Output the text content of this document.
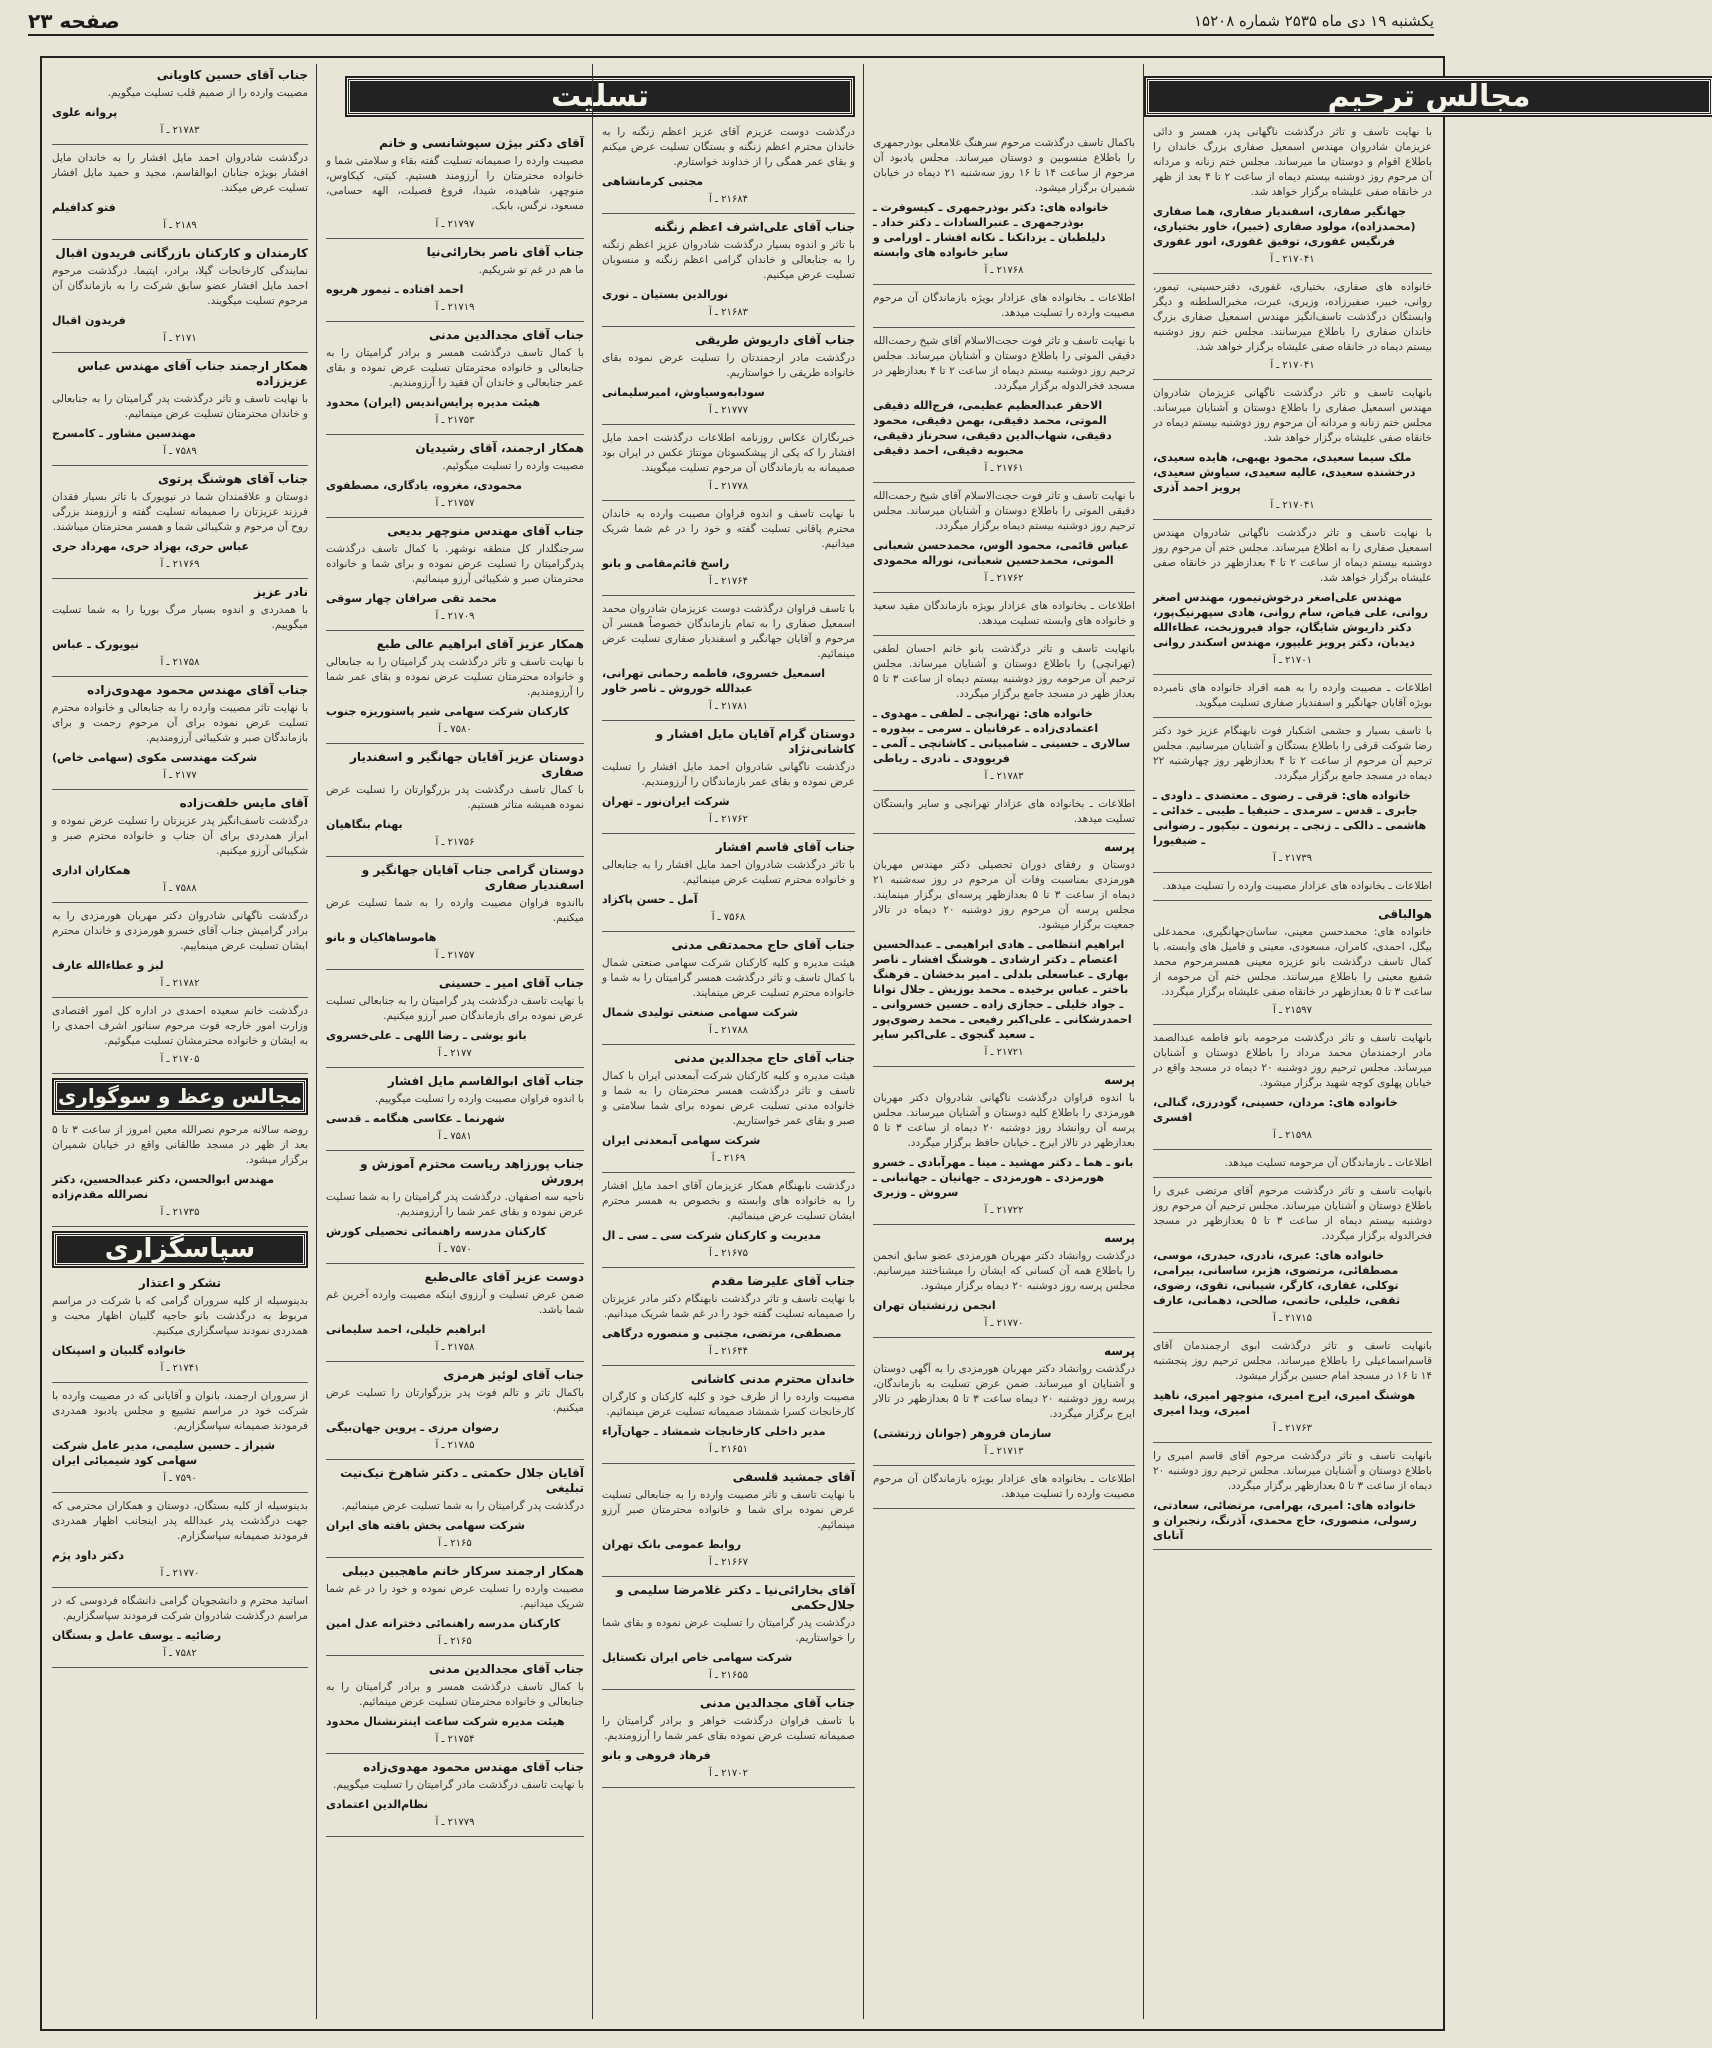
یکشنبه ۱۹ دی ماه ۲۵۳۵ شماره ۱۵۲۰۸
صفحه ۲۳
مجالس ترحیم
با نهایت تاسف و تاثر درگذشت ناگهانی پدر، همسر و دائی عزیزمان شادروان مهندس اسمعیل صفاری بزرگ خاندان را باطلاع اقوام و دوستان ما میرساند. مجلس ختم زنانه و مردانه آن مرحوم روز دوشنبه بیستم دیماه از ساعت ۲ تا ۴ بعد از ظهر در خانقاه صفی علیشاه برگزار خواهد شد.
جهانگیر صفاری، اسفندیار صفاری، هما صفاری (محمدزاده)، مولود صفاری (خبیر)، خاور بختیاری، فرنگیس غفوری، توفیق غفوری، انور غفوری
۲۱۷۰۴۱ ـ آ
خانواده های صفاری، بختیاری، غفوری، دفترحسینی، تیمور، روانی، خبیر، صفیرزاده، وزیری، عبرت، مخبرالسلطنه و دیگر وابستگان درگذشت تاسف‌انگیز مهندس اسمعیل صفاری بزرگ خاندان صفاری را باطلاع میرسانند. مجلس ختم روز دوشنبه بیستم دیماه در خانقاه صفی علیشاه برگزار خواهد شد.
۲۱۷۰۴۱ ـ آ
بانهایت تاسف و تاثر درگذشت ناگهانی عزیزمان شادروان مهندس اسمعیل صفاری را باطلاع دوستان و آشنایان میرساند. مجلس ختم زنانه و مردانه آن مرحوم روز دوشنبه بیستم دیماه در خانقاه صفی علیشاه برگزار خواهد شد.
ملک سیما سعیدی، محمود بهبهی، هایده سعیدی، درخشنده سعیدی، عالیه سعیدی، سیاوش سعیدی، پرویز احمد آذری
۲۱۷۰۴۱ ـ آ
با نهایت تاسف و تاثر درگذشت ناگهانی شادروان مهندس اسمعیل صفاری را به اطلاع میرساند. مجلس ختم آن مرحوم روز دوشنبه بیستم دیماه از ساعت ۲ تا ۴ بعدازظهر در خانقاه صفی علیشاه برگزار خواهد شد.
مهندس علی‌اصغر درخوش‌تیمور، مهندس اصغر روانی، علی فیاض، سام روانی، هادی سپهرنیک‌پور، دکتر داریوش شایگان، جواد فیروزبخت، عطاءالله دیدبان، دکتر پرویز علیپور، مهندس اسکندر روانی
۲۱۷۰۱ ـ آ
اطلاعات ـ مصیبت وارده را به همه افراد خانواده های نامبرده بویژه آقایان جهانگیر و اسفندیار صفاری تسلیت میگوید.
با تاسف بسیار و جشمی اشکبار فوت نابهنگام عزیز خود دکتر رضا شوکت قرقی را باطلاع بستگان و آشنایان میرسانیم. مجلس ترحیم آن مرحوم از ساعت ۲ تا ۴ بعدازظهر روز چهارشنبه ۲۲ دیماه در مسجد جامع برگزار میگردد.
خانواده های: قرقی ـ رضوی ـ معتضدی ـ داودی ـ جابری ـ قدس ـ سرمدی ـ حنیفیا ـ طیبی ـ خدائی ـ هاشمی ـ دالکی ـ زنجی ـ پرنمون ـ نیکپور ـ رضوانی ـ ضیفیورا
۲۱۷۳۹ ـ آ
اطلاعات ـ بخانواده های عزادار مصیبت وارده را تسلیت میدهد.
هوالباقی
خانواده های: محمدحسن معینی، ساسان‌جهانگیری، محمدعلی بیگل، احمدی، کامران، مسعودی، معینی و فامیل های وابسته. با کمال تاسف درگذشت بانو عزیزه معینی همسرمرحوم محمد شفیع معینی را باطلاع میرسانند. مجلس ختم آن مرحومه از ساعت ۳ تا ۵ بعدازظهر در خانقاه صفی علیشاه برگزار میگردد.
۲۱۵۹۷ ـ آ
بانهایت تاسف و تاثر درگذشت مرحومه بانو فاطمه عبدالصمد مادر ارجمندمان محمد مرداد را باطلاع دوستان و آشنایان میرساند. مجلس ترحیم روز دوشنبه ۲۰ دیماه در مسجد واقع در خیابان پهلوی کوچه شهید برگزار میشود.
خانواده های: مردان، حسینی، گودرزی، گنالی، افسری
۲۱۵۹۸ ـ آ
اطلاعات ـ بازماندگان آن مرحومه تسلیت میدهد.
بانهایت تاسف و تاثر درگذشت مرحوم آقای مرتضی عبری را باطلاع دوستان و آشنایان میرساند. مجلس ترحیم آن مرحوم روز دوشنبه بیستم دیماه از ساعت ۳ تا ۵ بعدازظهر در مسجد فخرالدوله برگزار میگردد.
خانواده های: عبری، نادری، حیدری، موسی، مصطفائی، مرتضوی، هژبر، ساسانی، بیرامی، توکلی، غفاری، کارگر، شیبانی، تقوی، رضوی، ثقفی، خلیلی، حاتمی، صالحی، دهمانی، عارف
۲۱۷۱۵ ـ آ
بانهایت تاسف و تاثر درگذشت ابوی ارجمندمان آقای قاسم‌اسماعیلی را باطلاع میرساند. مجلس ترحیم روز پنجشنبه ۱۴ تا ۱۶ در مسجد امام حسین برگزار میشود.
هوشنگ امیری، ایرج امیری، منوچهر امیری، ناهید امیری، ویدا امیری
۲۱۷۶۳ ـ آ
بانهایت تاسف و تاثر درگذشت مرحوم آقای قاسم امیری را باطلاع دوستان و آشنایان میرساند. مجلس ترحیم روز دوشنبه ۲۰ دیماه از ساعت ۳ تا ۵ بعدازظهر برگزار میگردد.
خانواده های: امیری، بهرامی، مرتضائی، سعادتی، رسولی، منصوری، حاج محمدی، آذرنگ، رنجبران و آتابای
باکمال تاسف درگذشت مرحوم سرهنگ غلامعلی بوذرجمهری را باطلاع منسوبین و دوستان میرساند. مجلس یادبود آن مرحوم از ساعت ۱۴ تا ۱۶ روز سه‌شنبه ۲۱ دیماه در خیابان شمیران برگزار میشود.
خانواده های: دکتر بوذرجمهری ـ کیسوفرت ـ بوذرجمهری ـ عنبرالسادات ـ دکتر خداد ـ دلیلطبان ـ یزدانکنا ـ نکانه افشار ـ اورامی و سایر خانواده های وابسته
۲۱۷۶۸ ـ آ
اطلاعات ـ بخانواده های عزادار بویژه بازماندگان آن مرحوم مصیبت وارده را تسلیت میدهد.
با نهایت تاسف و تاثر فوت حجت‌الاسلام آقای شیخ رحمت‌الله دقیقی الموتی را باطلاع دوستان و آشنایان میرساند. مجلس ترحیم روز دوشنبه بیستم دیماه از ساعت ۲ تا ۴ بعدازظهر در مسجد فخرالدوله برگزار میگردد.
الاحقر عبدالعظیم عظیمی، فرج‌الله دقیقی الموتی، محمد دقیقی، بهمن دقیقی، محمود دقیقی، شهاب‌الدین دقیقی، سحرناز دقیقی، محبوبه دقیقی، احمد دقیقی
۲۱۷۶۱ ـ آ
با نهایت تاسف و تاثر فوت حجت‌الاسلام آقای شیخ رحمت‌الله دقیقی الموتی را باطلاع دوستان و آشنایان میرساند. مجلس ترحیم روز دوشنبه بیستم دیماه برگزار میگردد.
عباس قائمی، محمود الوس، محمدحسن شعبانی الموتی، محمدحسین شعبانی، نوراله محمودی
۲۱۷۶۲ ـ آ
اطلاعات ـ بخانواده های عزادار بویژه بازماندگان مقید سعید و خانواده های وابسته تسلیت میدهد.
بانهایت تاسف و تاثر درگذشت بانو خانم احسان لطفی (تهرانچی) را باطلاع دوستان و آشنایان میرساند. مجلس ترحیم آن مرحومه روز دوشنبه بیستم دیماه از ساعت ۳ تا ۵ بعداز ظهر در مسجد جامع برگزار میگردد.
خانواده های: تهرانچی ـ لطفی ـ مهدوی ـ اعتمادی‌زاده ـ عرفانیان ـ سرمی ـ بیدوره ـ سالاری ـ حسینی ـ شامبیانی ـ کاشانچی ـ آلمی ـ فریوودی ـ نادری ـ ریاطی
۲۱۷۸۳ ـ آ
اطلاعات ـ بخانواده های عزادار تهرانچی و سایر وابستگان تسلیت میدهد.
پرسه
دوستان و رفقای دوران تحصیلی دکتر مهندس مهربان هورمزدی بمناسبت وفات آن مرحوم در روز سه‌شنبه ۲۱ دیماه از ساعت ۳ تا ۵ بعدازظهر پرسه‌ای برگزار مینمایند. مجلس پرسه آن مرحوم روز دوشنبه ۲۰ دیماه در تالار جمعیت برگزار میشود.
ابراهیم انتظامی ـ هادی ابراهیمی ـ عبدالحسین اعتصام ـ دکتر ارشادی ـ هوشنگ افشار ـ ناصر بهاری ـ عباسعلی بلدلی ـ امیر بدخشان ـ فرهنگ باختر ـ عباس برخیده ـ محمد یوزیش ـ جلال توانا ـ جواد خلیلی ـ حجازی زاده ـ حسین خسروانی ـ احمدرشکانی ـ علی‌اکبر رفیعی ـ محمد رضوی‌پور ـ سعید گنجوی ـ علی‌اکبر سایر
۲۱۷۲۱ ـ آ
پرسه
با اندوه فراوان درگذشت ناگهانی شادروان دکتر مهربان هورمزدی را باطلاع کلیه دوستان و آشنایان میرساند. مجلس پرسه آن روانشاد روز دوشنبه ۲۰ دیماه از ساعت ۳ تا ۵ بعدازظهر در تالار ایرج ـ خیابان حافظ برگزار میگردد.
بانو ـ هما ـ دکتر مهشید ـ مینا ـ مهرآبادی ـ خسرو هورمزدی ـ هورمزدی ـ جهانیان ـ جهانبانی ـ سروش ـ وزیری
۲۱۷۲۲ ـ آ
پرسه
درگذشت روانشاد دکتر مهربان هورمزدی عضو سابق انجمن را باطلاع همه آن کسانی که ایشان را میشناختند میرسانیم. مجلس پرسه روز دوشنبه ۲۰ دیماه برگزار میشود.
انجمن زرتشتیان تهران
۲۱۷۷۰ ـ آ
پرسه
درگذشت روانشاد دکتر مهربان هورمزدی را به آگهی دوستان و آشنایان او میرساند. ضمن عرض تسلیت به بازماندگان، پرسه روز دوشنبه ۲۰ دیماه ساعت ۳ تا ۵ بعدازظهر در تالار ایرج برگزار میگردد.
سازمان فروهر (جوانان زرتشتی)
۲۱۷۱۳ ـ آ
اطلاعات ـ بخانواده های عزادار بویژه بازماندگان آن مرحوم مصیبت وارده را تسلیت میدهد.
تسلیت
درگذشت دوست عزیزم آقای عزیز اعظم زنگنه را به خاندان محترم اعظم زنگنه و بستگان تسلیت عرض میکنم و بقای عمر همگی را از خداوند خواستارم.
مجتبی کرمانشاهی
۲۱۶۸۴ ـ آ
جناب آقای علی‌اشرف اعظم زنگنه
با تاثر و اندوه بسیار درگذشت شادروان عزیز اعظم زنگنه را به جنابعالی و خاندان گرامی اعظم زنگنه و منسوبان تسلیت عرض میکنیم.
نورالدین بستیان ـ نوری
۲۱۶۸۳ ـ آ
جناب آقای داریوش طریقی
درگذشت مادر ارجمندتان را تسلیت عرض نموده بقای خانواده طریقی را خواستاریم.
سودابه‌وسیاوش، امیرسلیمانی
۲۱۷۷۷ ـ آ
خبرنگاران عکاس روزنامه اطلاعات درگذشت احمد مایل افشار را که یکی از پیشکسوتان مونتاژ عکس در ایران بود صمیمانه به بازماندگان آن مرحوم تسلیت میگویند.
۲۱۷۷۸ ـ آ
با نهایت تاسف و اندوه فراوان مصیبت وارده به خاندان محترم پاقانی تسلیت گفته و خود را در غم شما شریک میدانیم.
راسخ قائم‌مقامی و بانو
۲۱۷۶۴ ـ آ
با تاسف فراوان درگذشت دوست عزیزمان شادروان محمد اسمعیل صفاری را به تمام بازماندگان خصوصاً همسر آن مرحوم و آقایان جهانگیر و اسفندیار صفاری تسلیت عرض مینمائیم.
اسمعیل خسروی، فاطمه رحمانی تهرانی، عبدالله خوروش ـ ناصر خاور
۲۱۷۸۱ ـ آ
دوستان گرام آقایان مایل افشار و کاشانی‌نژاد
درگذشت ناگهانی شادروان احمد مایل افشار را تسلیت عرض نموده و بقای عمر بازماندگان را آرزومندیم.
شرکت ایران‌نور ـ تهران
۲۱۷۶۲ ـ آ
جناب آقای قاسم افشار
با تاثر درگذشت شادروان احمد مایل افشار را به جنابعالی و خانواده محترم تسلیت عرض مینمائیم.
آمل ـ حسن پاکزاد
۷۵۶۸ ـ آ
جناب آقای حاج محمدتقی مدنی
هیئت مدیره و کلیه کارکنان شرکت سهامی صنعتی شمال با کمال تاسف و تاثر درگذشت همسر گرامیتان را به شما و خانواده محترم تسلیت عرض مینمایند.
شرکت سهامی صنعتی تولیدی شمال
۲۱۷۸۸ ـ آ
جناب آقای حاج مجدالدین مدنی
هیئت مدیره و کلیه کارکنان شرکت آبمعدنی ایران با کمال تاسف و تاثر درگذشت همسر محترمتان را به شما و خانواده مدنی تسلیت عرض نموده برای شما سلامتی و صبر و بقای عمر خواستاریم.
شرکت سهامی آبمعدنی ایران
۲۱۶۹ ـ آ
درگذشت نابهنگام همکار عزیزمان آقای احمد مایل افشار را به خانواده های وابسته و بخصوص به همسر محترم ایشان تسلیت عرض مینمائیم.
مدیریت و کارکنان شرکت سی ـ سی ـ ال
۲۱۶۷۵ ـ آ
جناب آقای علیرضا مقدم
با نهایت تاسف و تاثر درگذشت نابهنگام دکتر مادر عزیزتان را صمیمانه تسلیت گفته خود را در غم شما شریک میدانیم.
مصطفی، مرتضی، مجتبی و منصوره درگاهی
۲۱۶۴۴ ـ آ
خاندان محترم مدنی کاشانی
مصیبت وارده را از طرف خود و کلیه کارکنان و کارگران کارخانجات کسرا شمشاد صمیمانه تسلیت عرض مینمائیم.
مدیر داخلی کارخانجات شمشاد ـ جهان‌آراء
۲۱۶۵۱ ـ آ
آقای جمشید قلسفی
با نهایت تاسف و تاثر مصیبت وارده را به جنابعالی تسلیت عرض نموده برای شما و خانواده محترمتان صبر آرزو مینمائیم.
روابط عمومی بانک تهران
۲۱۶۶۷ ـ آ
آقای بخارائی‌نیا ـ دکتر غلامرضا سلیمی و جلال‌حکمی
درگذشت پدر گرامیتان را تسلیت عرض نموده و بقای شما را خواستاریم.
شرکت سهامی خاص ایران تکستایل
۲۱۶۵۵ ـ آ
جناب آقای مجدالدین مدنی
با تاسف فراوان درگذشت خواهر و برادر گرامیتان را صمیمانه تسلیت عرض نموده بقای عمر شما را آرزومندیم.
فرهاد فروهی و بانو
۲۱۷۰۲ ـ آ
آقای دکتر بیژن سپوشانسی و خانم
مصیبت وارده را صمیمانه تسلیت گفته بقاء و سلامتی شما و خانواده محترمتان را آرزومند هستیم. کیتی، کیکاوس، منوچهر، شاهیده، شیدا، فروغ فصیلت، الهه حسامی، مسعود، نرگس، بابک.
۲۱۷۹۷ ـ آ
جناب آقای ناصر بخارائی‌نیا
ما هم در غم تو شریکیم.
احمد افتاده ـ تیمور هریوه
۲۱۷۱۹ ـ آ
جناب آقای مجدالدین مدنی
با کمال تاسف درگذشت همسر و برادر گرامیتان را به جنابعالی و خانواده محترمتان تسلیت عرض نموده و بقای عمر جنابعالی و خاندان آن فقید را آرزومندیم.
هیئت مدیره پرایس‌اندیس (ایران) محدود
۲۱۷۵۳ ـ آ
همکار ارجمند، آقای رشیدیان
مصیبت وارده را تسلیت میگوئیم.
محمودی، مغروه، یادگاری، مصطفوی
۲۱۷۵۷ ـ آ
جناب آقای مهندس منوچهر بدیعی
سرجنگلدار کل منطقه نوشهر. با کمال تاسف درگذشت پدرگرامیتان را تسلیت عرض نموده و برای شما و خانواده محترمتان صبر و شکیبائی آرزو مینمائیم.
محمد تقی صرافان چهار سوقی
۲۱۷۰۹ ـ آ
همکار عزیز آقای ابراهیم عالی طبع
با نهایت تاسف و تاثر درگذشت پدر گرامیتان را به جنابعالی و خانواده محترمتان تسلیت عرض نموده و بقای عمر شما را آرزومندیم.
کارکنان شرکت سهامی شیر پاستوریزه جنوب
۷۵۸۰ ـ آ
دوستان عزیز آقایان جهانگیر و اسفندیار صفاری
با کمال تاسف درگذشت پدر بزرگوارتان را تسلیت عرض نموده همیشه متاثر هستیم.
بهنام بنگاهیان
۲۱۷۵۶ ـ آ
دوستان گرامی جناب آقایان جهانگیر و اسفندیار صفاری
بااندوه فراوان مصیبت وارده را به شما تسلیت عرض میکنیم.
هاموساهاکیان و بانو
۲۱۷۵۷ ـ آ
جناب آقای امیر ـ حسینی
با نهایت تاسف درگذشت پدر گرامیتان را به جنابعالی تسلیت عرض نموده برای بازماندگان صبر آرزو میکنیم.
بانو یوشی ـ رضا اللهی ـ علی‌خسروی
۲۱۷۷ ـ آ
جناب آقای ابوالقاسم مایل افشار
با اندوه فراوان مصیبت وارده را تسلیت میگوییم.
شهرنما ـ عکاسی هنگامه ـ قدسی
۷۵۸۱ ـ آ
جناب پورزاهد ریاست محترم آموزش و پرورش
ناحیه سه اصفهان. درگذشت پدر گرامیتان را به شما تسلیت عرض نموده و بقای عمر شما را آرزومندیم.
کارکنان مدرسه راهنمائی تحصیلی کورش
۷۵۷۰ ـ آ
دوست عزیز آقای عالی‌طبع
ضمن عرض تسلیت و آرزوی اینکه مصیبت وارده آخرین غم شما باشد.
ابراهیم خلیلی، احمد سلیمانی
۲۱۷۵۸ ـ آ
جناب آقای لوئیز هرمزی
باکمال تاثر و تالم فوت پدر بزرگوارتان را تسلیت عرض میکنیم.
رضوان مرزی ـ پروین جهان‌بیگی
۲۱۷۸۵ ـ آ
آقایان جلال حکمتی ـ دکتر شاهرخ نیک‌نیت تبلیغی
درگذشت پدر گرامیتان را به شما تسلیت عرض مینمائیم.
شرکت سهامی بخش بافته های ایران
۲۱۶۵ ـ آ
همکار ارجمند سرکار خانم ماهجبین دیبلی
مصیبت وارده را تسلیت عرض نموده و خود را در غم شما شریک میدانیم.
کارکنان مدرسه راهنمائی دخترانه عدل امین
۲۱۶۵ ـ آ
جناب آقای مجدالدین مدنی
با کمال تاسف درگذشت همسر و برادر گرامیتان را به جنابعالی و خانواده محترمتان تسلیت عرض مینمائیم.
هیئت مدیره شرکت ساعت اینترنشنال محدود
۲۱۷۵۴ ـ آ
جناب آقای مهندس محمود مهدوی‌زاده
با نهایت تاسف درگذشت مادر گرامیتان را تسلیت میگوییم.
نظام‌الدین اعتمادی
۲۱۷۷۹ ـ آ
جناب آقای حسین کاویانی
مصیبت وارده را از صمیم قلب تسلیت میگویم.
پروانه علوی
۲۱۷۸۳ ـ آ
درگذشت شادروان احمد مایل افشار را به خاندان مایل افشار بویژه جنابان ابوالقاسم، مجید و حمید مایل افشار تسلیت عرض میکند.
فتو کدافیلم
۲۱۸۹ ـ آ
کارمندان و کارکنان بازرگانی فریدون اقبال
نمایندگی کارخانجات گیلا، برادر، اپتیما. درگذشت مرحوم احمد مایل افشار عضو سابق شرکت را به بازماندگان آن مرحوم تسلیت میگویند.
فریدون اقبال
۲۱۷۱ ـ آ
همکار ارجمند جناب آقای مهندس عباس عزیززاده
با نهایت تاسف و تاثر درگذشت پدر گرامیتان را به جنابعالی و خاندان محترمتان تسلیت عرض مینمائیم.
مهندسین مشاور ـ کامسرج
۷۵۸۹ ـ آ
جناب آقای هوشنگ پرتوی
دوستان و علاقمندان شما در نیویورک با تاثر بسیار فقدان فرزند عزیزتان را صمیمانه تسلیت گفته و آرزومند بزرگی روح آن مرحوم و شکیبائی شما و همسر محترمتان میباشند.
عباس حری، بهزاد حری، مهرداد حری
۲۱۷۶۹ ـ آ
نادر عزیز
با همدردی و اندوه بسیار مرگ بوریا را به شما تسلیت میگوییم.
نیویورک ـ عباس
۲۱۷۵۸ ـ آ
جناب آقای مهندس محمود مهدوی‌زاده
با نهایت تاثر مصیبت وارده را به جنابعالی و خانواده محترم تسلیت عرض نموده برای آن مرحوم رحمت و برای بازماندگان صبر و شکیبائی آرزومندیم.
شرکت مهندسی مکوی (سهامی خاص)
۲۱۷۷ ـ آ
آقای مایس خلفت‌زاده
درگذشت تاسف‌انگیز پدر عزیزتان را تسلیت عرض نموده و ابراز همدردی برای آن جناب و خانواده محترم صبر و شکیبائی آرزو میکنیم.
همکاران اداری
۷۵۸۸ ـ آ
درگذشت ناگهانی شادروان دکتر مهربان هورمزدی را به برادر گرامیش جناب آقای خسرو هورمزدی و خاندان محترم ایشان تسلیت عرض مینماییم.
لبز و عطاءالله عارف
۲۱۷۸۲ ـ آ
درگذشت خانم سعیده احمدی در اداره کل امور اقتصادی وزارت امور خارجه فوت مرحوم سناتور اشرف احمدی را به ایشان و خانواده محترمشان تسلیت میگوئیم.
۲۱۷۰۵ ـ آ
مجالس وعظ و سوگواری
روضه سالانه مرحوم نصرالله معین امروز از ساعت ۳ تا ۵ بعد از ظهر در مسجد طالقانی واقع در خیابان شمیران برگزار میشود.
مهندس ابوالحسن، دکتر عبدالحسین، دکتر نصرالله مقدم‌زاده
۲۱۷۳۵ ـ آ
سپاسگزاری
تشکر و اعتذار
بدینوسیله از کلیه سروران گرامی که با شرکت در مراسم مربوط به درگذشت بانو حاجیه گلبیان اظهار محبت و همدردی نمودند سپاسگزاری میکنیم.
خانواده گلبیان و اسپنکان
۲۱۷۴۱ ـ آ
از سروران ارجمند، بانوان و آقایانی که در مصیبت وارده با شرکت خود در مراسم تشییع و مجلس یادبود همدردی فرمودند صمیمانه سپاسگزاریم.
شیراز ـ حسین سلیمی، مدیر عامل شرکت سهامی کود شیمیائی ایران
۷۵۹۰ ـ آ
بدینوسیله از کلیه بستگان، دوستان و همکاران محترمی که جهت درگذشت پدر عبدالله پدر اینجانب اظهار همدردی فرمودند صمیمانه سپاسگزارم.
دکتر داود پژم
۲۱۷۷۰ ـ آ
اساتید محترم و دانشجویان گرامی دانشگاه فردوسی که در مراسم درگذشت شادروان شرکت فرمودند سپاسگزاریم.
رضائیه ـ یوسف عامل و بستگان
۷۵۸۲ ـ آ
